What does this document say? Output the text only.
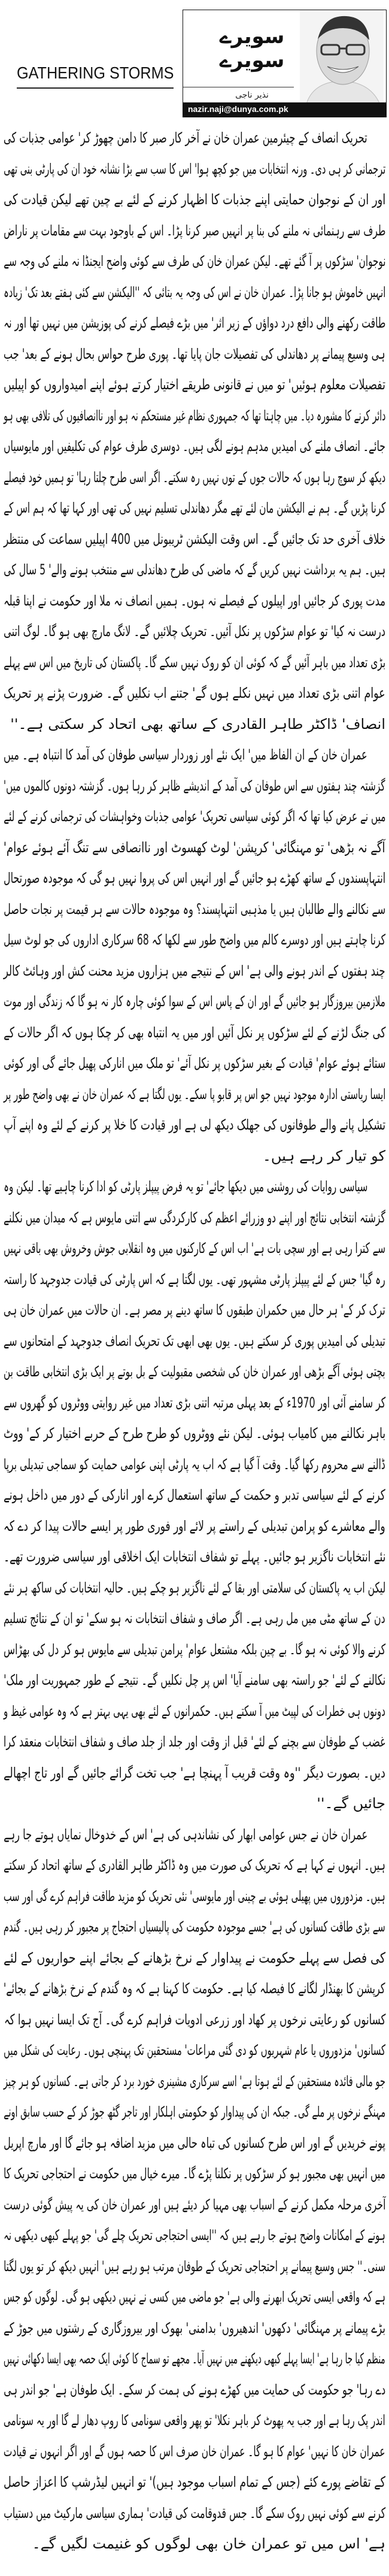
GATHERING STORMS
سویرے
سویرے
نذیر ناجی
nazir.naji@dunya.com.pk
تحریک انصاف کے چیئرمین عمران خان نے آخر کار صبر کا دامن چھوڑ کر' عوامی جذبات کی
ترجمانی کر ہی دی۔ ورنہ انتخابات میں جو کچھ ہوا' اس کا سب سے بڑا نشانہ خود ان کی پارٹی بنی تھی
اور ان کے نوجوان حمایتی اپنے جذبات کا اظہار کرنے کے لئے بے چین تھے لیکن قیادت کی
طرف سے رہنمائی نہ ملنے کی بنا پر انہیں صبر کرنا پڑا۔ اس کے باوجود بہت سے مقامات پر ناراض
نوجوان' سڑکوں پر آ گئے تھے۔ لیکن عمران خان کی طرف سے کوئی واضح ایجنڈا نہ ملنے کی وجہ سے
انہیں خاموش ہو جانا پڑا۔ عمران خان نے اس کی وجہ یہ بتائی کہ ''الیکشن سے کئی ہفتے بعد تک' زیادہ
طاقت رکھنے والی دافع درد دواؤں کے زیر اثر' میں بڑے فیصلے کرنے کی پوزیشن میں نہیں تھا اور نہ
ہی وسیع پیمانے پر دھاندلی کی تفصیلات جان پایا تھا۔ پوری طرح حواس بحال ہونے کے بعد' جب
تفصیلات معلوم ہوئیں' تو میں نے قانونی طریقے اختیار کرتے ہوئے اپنے امیدواروں کو اپیلیں
دائر کرنے کا مشورہ دیا۔ میں چاہتا تھا کہ جمہوری نظام غیر مستحکم نہ ہو اور ناانصافیوں کی تلافی بھی ہو
جائے۔ انصاف ملنے کی امیدیں مدہم ہونے لگی ہیں۔ دوسری طرف عوام کی تکلیفیں اور مایوسیاں
دیکھ کر سوچ رہا ہوں کہ حالات جوں کے توں نہیں رہ سکتے۔ اگر اسی طرح چلتا رہا' تو ہمیں خود فیصلے
کرنا پڑیں گے۔ ہم نے الیکشن مان لئے تھے مگر دھاندلی تسلیم نہیں کی تھی اور کہا تھا کہ ہم اس کے
خلاف آخری حد تک جائیں گے۔ اس وقت الیکشن ٹریبونل میں 400 اپیلیں سماعت کی منتظر
ہیں۔ ہم یہ برداشت نہیں کریں گے کہ ماضی کی طرح دھاندلی سے منتخب ہونے والے' 5 سال کی
مدت پوری کر جائیں اور اپیلوں کے فیصلے نہ ہوں۔ ہمیں انصاف نہ ملا اور حکومت نے اپنا قبلہ
درست نہ کیا' تو عوام سڑکوں پر نکل آئیں۔ تحریک چلائیں گے۔ لانگ مارچ بھی ہو گا۔ لوگ اتنی
بڑی تعداد میں باہر آئیں گے کہ کوئی ان کو روک نہیں سکے گا۔ پاکستان کی تاریخ میں اس سے پہلے
عوام اتنی بڑی تعداد میں نہیں نکلے ہوں گے' جتنے اب نکلیں گے۔ ضرورت پڑنے پر تحریک
انصاف' ڈاکٹر طاہر القادری کے ساتھ بھی اتحاد کر سکتی ہے۔''
عمران خان کے ان الفاظ میں' ایک نئے اور زوردار سیاسی طوفان کی آمد کا انتباہ ہے۔ میں
گزشتہ چند ہفتوں سے اس طوفان کی آمد کے اندیشے ظاہر کر رہا ہوں۔ گزشتہ دونوں کالموں میں'
میں نے عرض کیا تھا کہ اگر کوئی سیاسی تحریک' عوامی جذبات وخواہشات کی ترجمانی کرنے کے لئے
آگے نہ بڑھی' تو مہنگائی' کرپشن' لوٹ کھسوٹ اور ناانصافی سے تنگ آئے ہوئے عوام'
انتہاپسندوں کے ساتھ کھڑے ہو جائیں گے اور انہیں اس کی پروا نہیں ہو گی کہ موجودہ صورتحال
سے نکالنے والے طالبان ہیں یا مذہبی انتہاپسند؟ وہ موجودہ حالات سے ہر قیمت پر نجات حاصل
کرنا چاہتے ہیں اور دوسرے کالم میں واضح طور سے لکھا کہ 68 سرکاری اداروں کی جو لوٹ سیل
چند ہفتوں کے اندر ہونے والی ہے' اس کے نتیجے میں ہزاروں مزید محنت کش اور وہائٹ کالر
ملازمین بیروزگار ہو جائیں گے اور ان کے پاس اس کے سوا کوئی چارہ کار نہ ہو گا کہ زندگی اور موت
کی جنگ لڑنے کے لئے سڑکوں پر نکل آئیں اور میں یہ انتباہ بھی کر چکا ہوں کہ اگر حالات کے
ستائے ہوئے عوام' قیادت کے بغیر سڑکوں پر نکل آئے' تو ملک میں انارکی پھیل جائے گی اور کوئی
ایسا ریاستی ادارہ موجود نہیں جو اس پر قابو پا سکے۔ یوں لگتا ہے کہ عمران خان نے بھی واضح طور پر
تشکیل پانے والے طوفانوں کی جھلک دیکھ لی ہے اور قیادت کا خلا پر کرنے کے لئے وہ اپنے آپ
کو تیار کر رہے ہیں۔
سیاسی روایات کی روشنی میں دیکھا جائے' تو یہ فرض پیپلز پارٹی کو ادا کرنا چاہیے تھا۔ لیکن وہ
گزشتہ انتخابی نتائج اور اپنے دو وزرائے اعظم کی کارکردگی سے اتنی مایوس ہے کہ میدان میں نکلنے
سے کترا رہی ہے اور سچی بات ہے' اب اس کے کارکنوں میں وہ انقلابی جوش وخروش بھی باقی نہیں
رہ گیا' جس کے لئے پیپلز پارٹی مشہور تھی۔ یوں لگتا ہے کہ اس پارٹی کی قیادت جدوجہد کا راستہ
ترک کر کے' ہر حال میں حکمران طبقوں کا ساتھ دینے پر مصر ہے۔ ان حالات میں عمران خان ہی
تبدیلی کی امیدیں پوری کر سکتے ہیں۔ یوں بھی ابھی تک تحریک انصاف جدوجہد کے امتحانوں سے
بچتی ہوئی آگے بڑھی اور عمران خان کی شخصی مقبولیت کے بل بوتے پر ایک بڑی انتخابی طاقت بن
کر سامنے آئی اور 1970ء کے بعد پہلی مرتبہ اتنی بڑی تعداد میں غیر روایتی ووٹروں کو گھروں سے
باہر نکالنے میں کامیاب ہوئی۔ لیکن نئے ووٹروں کو طرح طرح کے حربے اختیار کر کے' ووٹ
ڈالنے سے محروم رکھا گیا۔ وقت آ گیا ہے کہ اب یہ پارٹی اپنی عوامی حمایت کو سماجی تبدیلی برپا
کرنے کے لئے سیاسی تدبر و حکمت کے ساتھ استعمال کرے اور انارکی کے دور میں داخل ہونے
والے معاشرے کو پرامن تبدیلی کے راستے پر لائے اور فوری طور پر ایسے حالات پیدا کر دے کہ
نئے انتخابات ناگزیر ہو جائیں۔ پہلے تو شفاف انتخابات ایک اخلاقی اور سیاسی ضرورت تھے۔
لیکن اب یہ پاکستان کی سلامتی اور بقا کے لئے ناگزیر ہو چکے ہیں۔ حالیہ انتخابات کی ساکھ ہر نئے
دن کے ساتھ مٹی میں مل رہی ہے۔ اگر صاف و شفاف انتخابات نہ ہو سکے' تو ان کے نتائج تسلیم
کرنے والا کوئی نہ ہو گا۔ بے چین بلکہ مشتعل عوام' پرامن تبدیلی سے مایوس ہو کر دل کی بھڑاس
نکالنے کے لئے' جو راستہ بھی سامنے آیا' اس پر چل نکلیں گے۔ نتیجے کے طور جمہوریت اور ملک'
دونوں ہی خطرات کی لپیٹ میں آ سکتے ہیں۔ حکمرانوں کے لئے بھی یہی بہتر ہے کہ وہ عوامی غیظ و
غضب کے طوفان سے بچنے کے لئے' قبل از وقت اور جلد از جلد صاف و شفاف انتخابات منعقد کرا
دیں۔ بصورت دیگر ''وہ وقت قریب آ پہنچا ہے' جب تخت گرائے جائیں گے اور تاج اچھالے
جائیں گے۔''
عمران خان نے جس عوامی ابھار کی نشاندہی کی ہے' اس کے خدوخال نمایاں ہوتے جا رہے
ہیں۔ انہوں نے کہا ہے کہ تحریک کی صورت میں وہ ڈاکٹر طاہر القادری کے ساتھ اتحاد کر سکتے
ہیں۔ مزدوروں میں پھیلی ہوئی بے چینی اور مایوسی' نئی تحریک کو مزید طاقت فراہم کرے گی اور سب
سے بڑی طاقت کسانوں کی ہے' جسے موجودہ حکومت کی پالیسیاں احتجاج پر مجبور کر رہی ہیں۔ گندم
کی فصل سے پہلے حکومت نے پیداوار کے نرخ بڑھانے کے بجائے اپنے حواریوں کے لئے
کرپشن کا بھنڈار لگانے کا فیصلہ کیا ہے۔ حکومت کا کہنا ہے کہ وہ گندم کے نرخ بڑھانے کے بجائے'
کسانوں کو رعایتی نرخوں پر کھاد اور زرعی ادویات فراہم کرے گی۔ آج تک ایسا نہیں ہوا کہ
کسانوں' مزدوروں یا عام شہریوں کو دی گئی مراعات' مستحقین تک پہنچی ہوں۔ رعایت کی شکل میں
جو مالی فائدہ مستحقین کے لئے ہوتا ہے' اسے سرکاری مشینری خورد برد کر جاتی ہے۔ کسانوں کو ہر چیز
مہنگے نرخوں پر ملے گی۔ جبکہ ان کی پیداوار کو حکومتی اہلکار اور تاجر گٹھ جوڑ کر کے حسب سابق اونے
پونے خریدیں گے اور اس طرح کسانوں کی تباہ حالی میں مزید اضافہ ہو جائے گا اور مارچ اپریل
میں انہیں بھی مجبور ہو کر سڑکوں پر نکلنا پڑے گا۔ میرے خیال میں حکومت نے احتجاجی تحریک کا
آخری مرحلہ مکمل کرنے کے اسباب بھی مہیا کر دیئے ہیں اور عمران خان کی یہ پیش گوئی درست
ہونے کے امکانات واضح ہوتے جا رہے ہیں کہ ''ایسی احتجاجی تحریک چلے گی' جو پہلے کبھی دیکھی نہ
سنی۔'' جس وسیع پیمانے پر احتجاجی تحریک کے طوفان مرتب ہو رہے ہیں' انہیں دیکھ کر تو یوں لگتا
ہے کہ واقعی ایسی تحریک ابھرنے والی ہے' جو ماضی میں کسی نے نہیں دیکھی ہو گی۔ لوگوں کو جس
بڑے پیمانے پر مہنگائی' دکھوں' اندھیروں' بدامنی' بھوک اور بیروزگاری کے رشتوں میں جوڑ کے
منظم کیا جا رہا ہے' ایسا پہلے کبھی دیکھنے میں نہیں آیا۔ مجھے تو سماج کا کوئی ایک حصہ بھی ایسا دکھائی نہیں
دے رہا' جو حکومت کی حمایت میں کھڑے ہونے کی ہمت کر سکے۔ ایک طوفان ہے' جو اندر ہی
اندر پک رہا ہے اور جب یہ پھوٹ کر باہر نکلا' تو پھر واقعی سونامی کا روپ دھار لے گا اور یہ سونامی
عمران خان کا نہیں' عوام کا ہو گا۔ عمران خان صرف اس کا حصہ ہوں گے اور اگر انہوں نے قیادت
کے تقاضے پورے کئے (جس کے تمام اسباب موجود ہیں)' تو انہیں لیڈرشپ کا اعزاز حاصل
کرنے سے کوئی نہیں روک سکے گا۔ جس قدوقامت کی قیادت' ہماری سیاسی مارکیٹ میں دستیاب
ہے' اس میں تو عمران خان بھی لوگوں کو غنیمت لگیں گے۔
